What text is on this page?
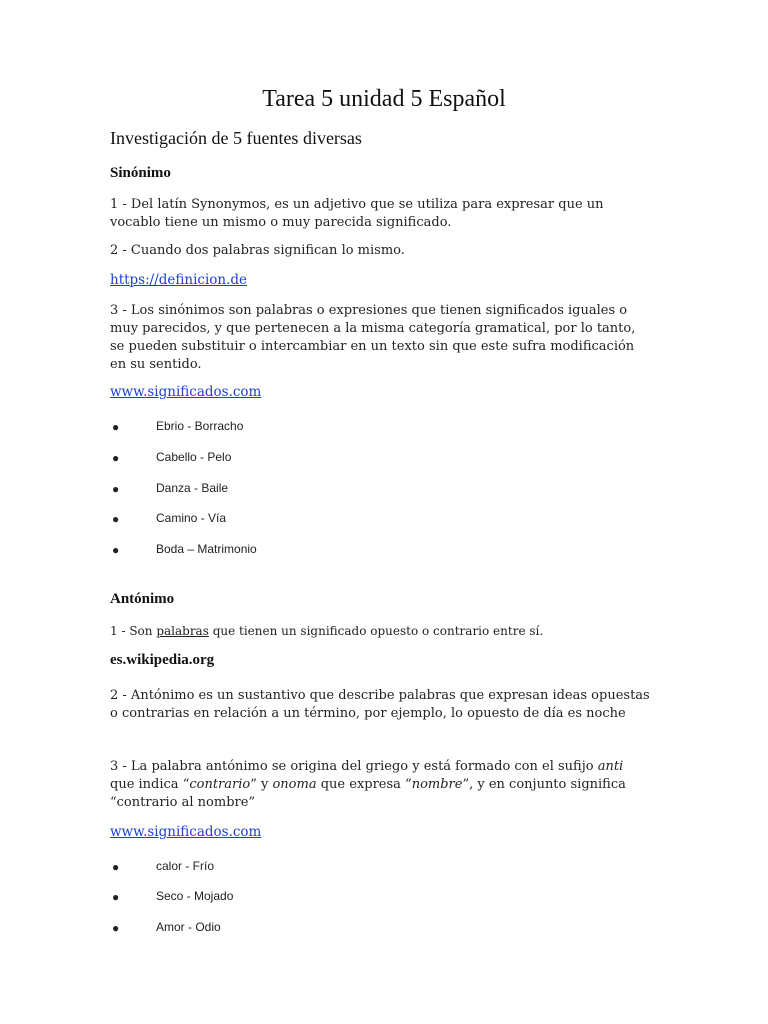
Tarea 5 unidad 5 Español
Investigación de 5 fuentes diversas
Sinónimo
1 - Del latín Synonymos, es un adjetivo que se utiliza para expresar que un vocablo tiene un mismo o muy parecida significado.
2 - Cuando dos palabras significan lo mismo.
https://definicion.de
3 - Los sinónimos son palabras o expresiones que tienen significados iguales o muy parecidos, y que pertenecen a la misma categoría gramatical, por lo tanto, se pueden substituir o intercambiar en un texto sin que este sufra modificación en su sentido.
www.significados.com
●	Ebrio - Borracho
●	Cabello - Pelo
●	Danza - Baile
●	Camino - Vía
●	Boda – Matrimonio
Antónimo
1 - Son palabras que tienen un significado opuesto o contrario entre sí.
es.wikipedia.org
2 - Antónimo es un sustantivo que describe palabras que expresan ideas opuestas o contrarias en relación a un término, por ejemplo, lo opuesto de día es noche
3 - La palabra antónimo se origina del griego y está formado con el sufijo anti que indica “contrario” y onoma que expresa “nombre”, y en conjunto significa “contrario al nombre”
www.significados.com
●	calor - Frío
●	Seco - Mojado
●	Amor - Odio
